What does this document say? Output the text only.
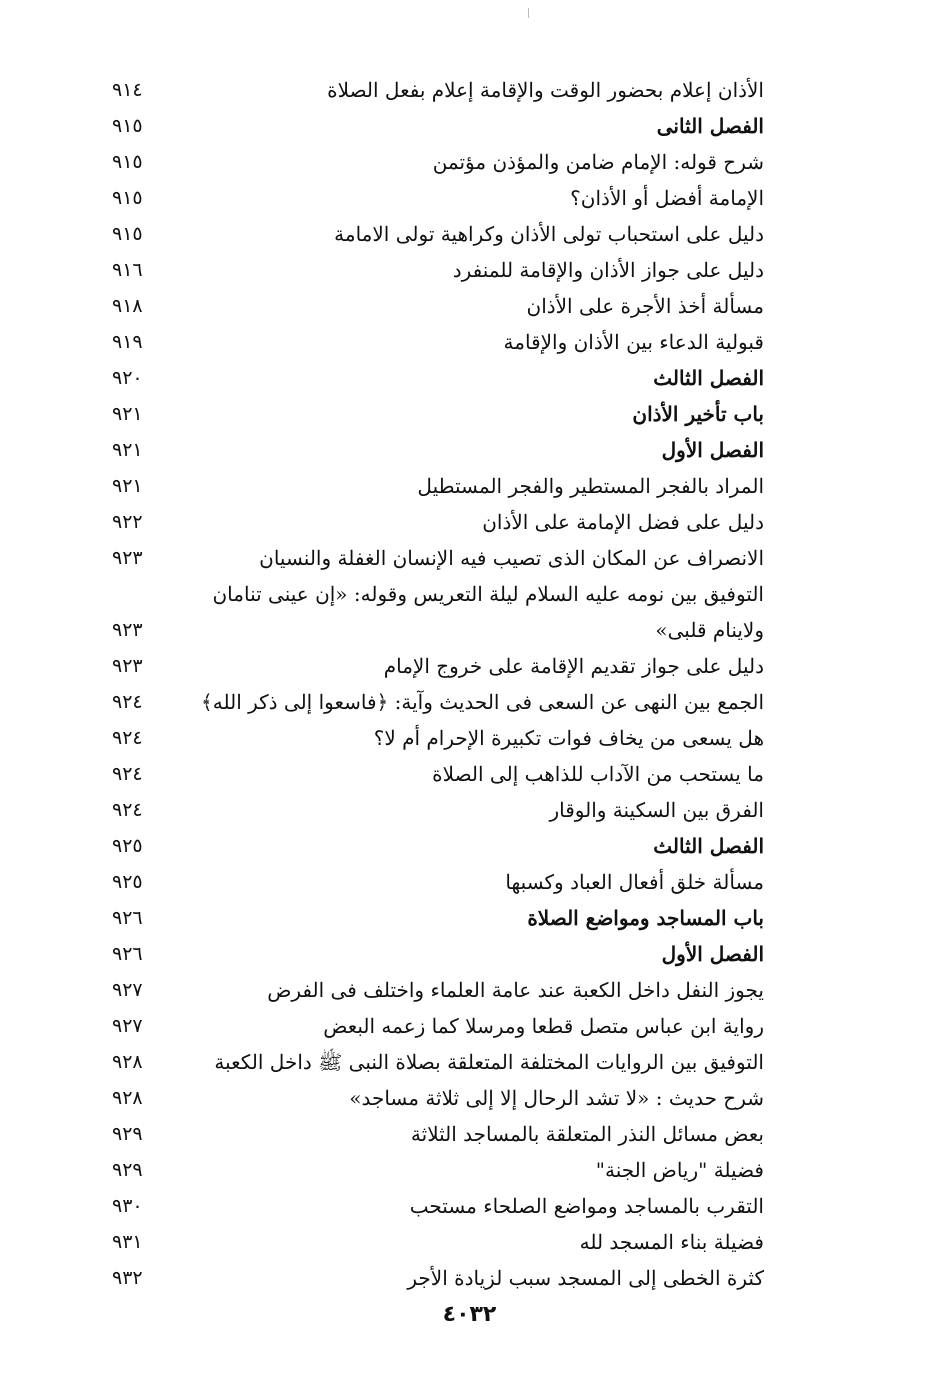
الأذان إعلام بحضور الوقت والإقامة إعلام بفعل الصلاة
٩١٤
الفصل الثانى
٩١٥
شرح قوله: الإمام ضامن والمؤذن مؤتمن
٩١٥
الإمامة أفضل أو الأذان؟
٩١٥
دليل على استحباب تولى الأذان وكراهية تولى الامامة
٩١٥
دليل على جواز الأذان والإقامة للمنفرد
٩١٦
مسألة أخذ الأجرة على الأذان
٩١٨
قبولية الدعاء بين الأذان والإقامة
٩١٩
الفصل الثالث
٩٢٠
باب تأخير الأذان
٩٢١
الفصل الأول
٩٢١
المراد بالفجر المستطير والفجر المستطيل
٩٢١
دليل على فضل الإمامة على الأذان
٩٢٢
الانصراف عن المكان الذى تصيب فيه الإنسان الغفلة والنسيان
٩٢٣
التوفيق بين نومه عليه السلام ليلة التعريس وقوله: «إن عينى تنامان
ولاينام قلبى»
٩٢٣
دليل على جواز تقديم الإقامة على خروج الإمام
٩٢٣
الجمع بين النهى عن السعى فى الحديث وآية: ﴿فاسعوا إلى ذكر الله﴾
٩٢٤
هل يسعى من يخاف فوات تكبيرة الإحرام أم لا؟
٩٢٤
ما يستحب من الآداب للذاهب إلى الصلاة
٩٢٤
الفرق بين السكينة والوقار
٩٢٤
الفصل الثالث
٩٢٥
مسألة خلق أفعال العباد وكسبها
٩٢٥
باب المساجد ومواضع الصلاة
٩٢٦
الفصل الأول
٩٢٦
يجوز النفل داخل الكعبة عند عامة العلماء واختلف فى الفرض
٩٢٧
رواية ابن عباس متصل قطعا ومرسلا كما زعمه البعض
٩٢٧
التوفيق بين الروايات المختلفة المتعلقة بصلاة النبى ﷺ داخل الكعبة
٩٢٨
شرح حديث : «لا تشد الرحال إلا إلى ثلاثة مساجد»
٩٢٨
بعض مسائل النذر المتعلقة بالمساجد الثلاثة
٩٢٩
فضيلة "رياض الجنة"
٩٢٩
التقرب بالمساجد ومواضع الصلحاء مستحب
٩٣٠
فضيلة بناء المسجد لله
٩٣١
كثرة الخطى إلى المسجد سبب لزيادة الأجر
٩٣٢
٤٠٣٢
